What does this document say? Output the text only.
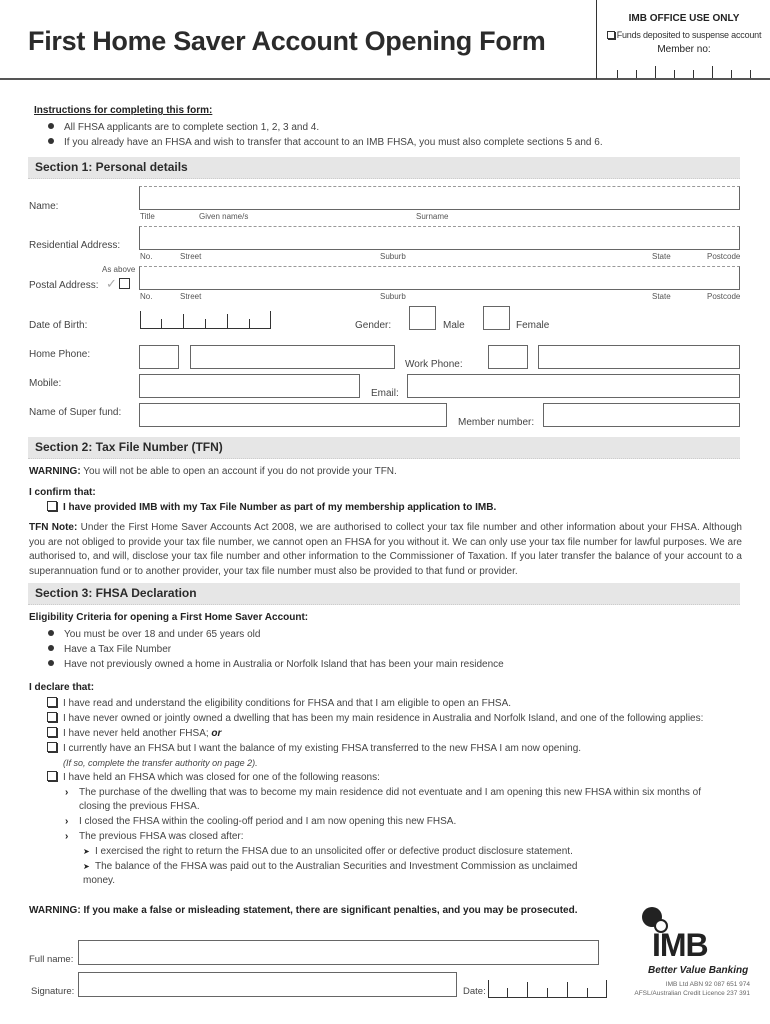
First Home Saver Account Opening Form
IMB OFFICE USE ONLY
Funds deposited to suspense account
Member no:
Instructions for completing this form:
All FHSA applicants are to complete section 1, 2, 3 and 4.
If you already have an FHSA and wish to transfer that account to an IMB FHSA, you must also complete sections 5 and 6.
Section 1: Personal details
Name:
Title	Given name/s	Surname
Residential Address:
No.	Street	Suburb	State	Postcode
As above
Postal Address: ✓
No.	Street	Suburb	State	Postcode
Date of Birth:	Gender:	Male	Female
Home Phone:
Work Phone:
Mobile:
Email:
Name of Super fund:
Member number:
Section 2: Tax File Number (TFN)
WARNING: You will not be able to open an account if you do not provide your TFN.
I confirm that:
I have provided IMB with my Tax File Number as part of my membership application to IMB.
TFN Note: Under the First Home Saver Accounts Act 2008, we are authorised to collect your tax file number and other information about your FHSA. Although you are not obliged to provide your tax file number, we cannot open an FHSA for you without it. We can only use your tax file number for lawful purposes. We are authorised to, and will, disclose your tax file number and other information to the Commissioner of Taxation. If you later transfer the balance of your account to a superannuation fund or to another provider, your tax file number must also be provided to that fund or provider.
Section 3: FHSA Declaration
Eligibility Criteria for opening a First Home Saver Account:
You must be over 18 and under 65 years old
Have a Tax File Number
Have not previously owned a home in Australia or Norfolk Island that has been your main residence
I declare that:
I have read and understand the eligibility conditions for FHSA and that I am eligible to open an FHSA.
I have never owned or jointly owned a dwelling that has been my main residence in Australia and Norfolk Island, and one of the following applies:
I have never held another FHSA; or
I currently have an FHSA but I want the balance of my existing FHSA transferred to the new FHSA I am now opening.
(If so, complete the transfer authority on page 2).
I have held an FHSA which was closed for one of the following reasons:
› The purchase of the dwelling that was to become my main residence did not eventuate and I am opening this new FHSA within six months of
closing the previous FHSA.
› I closed the FHSA within the cooling-off period and I am now opening this new FHSA.
› The previous FHSA was closed after:
➤ I exercised the right to return the FHSA due to an unsolicited offer or defective product disclosure statement.
➤ The balance of the FHSA was paid out to the Australian Securities and Investment Commission as unclaimed
money.
WARNING: If you make a false or misleading statement, there are significant penalties, and you may be prosecuted.
Full name:
Signature:	Date:
IMB
Better Value Banking
IMB Ltd ABN 92 087 651 974
AFSL/Australian Credit Licence 237 391
